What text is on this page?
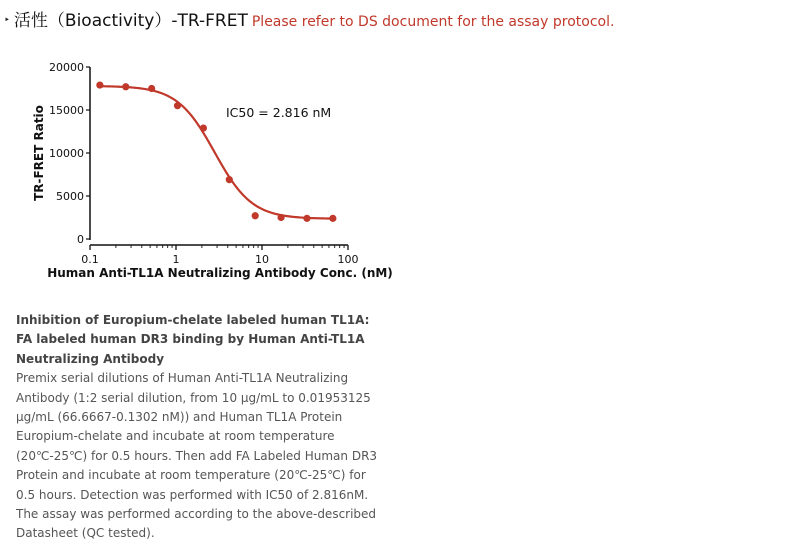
‣ 活性（Bioactivity）-TR-FRET Please refer to DS document for the assay protocol.
0
5000
10000
15000
20000
0.1	1	10	100
IC50 = 2.816 nM
Human Anti-TL1A Neutralizing Antibody Conc. (nM)
TR-FRET Ratio
Inhibition of Europium-chelate labeled human TL1A: FA labeled human DR3 binding by Human Anti-TL1A Neutralizing Antibody
Premix serial dilutions of Human Anti-TL1A Neutralizing Antibody (1:2 serial dilution, from 10 μg/mL to 0.01953125 μg/mL (66.6667-0.1302 nM)) and Human TL1A Protein Europium-chelate and incubate at room temperature (20℃-25℃) for 0.5 hours. Then add FA Labeled Human DR3 Protein and incubate at room temperature (20℃-25℃) for 0.5 hours. Detection was performed with IC50 of 2.816nM. The assay was performed according to the above-described Datasheet (QC tested).
